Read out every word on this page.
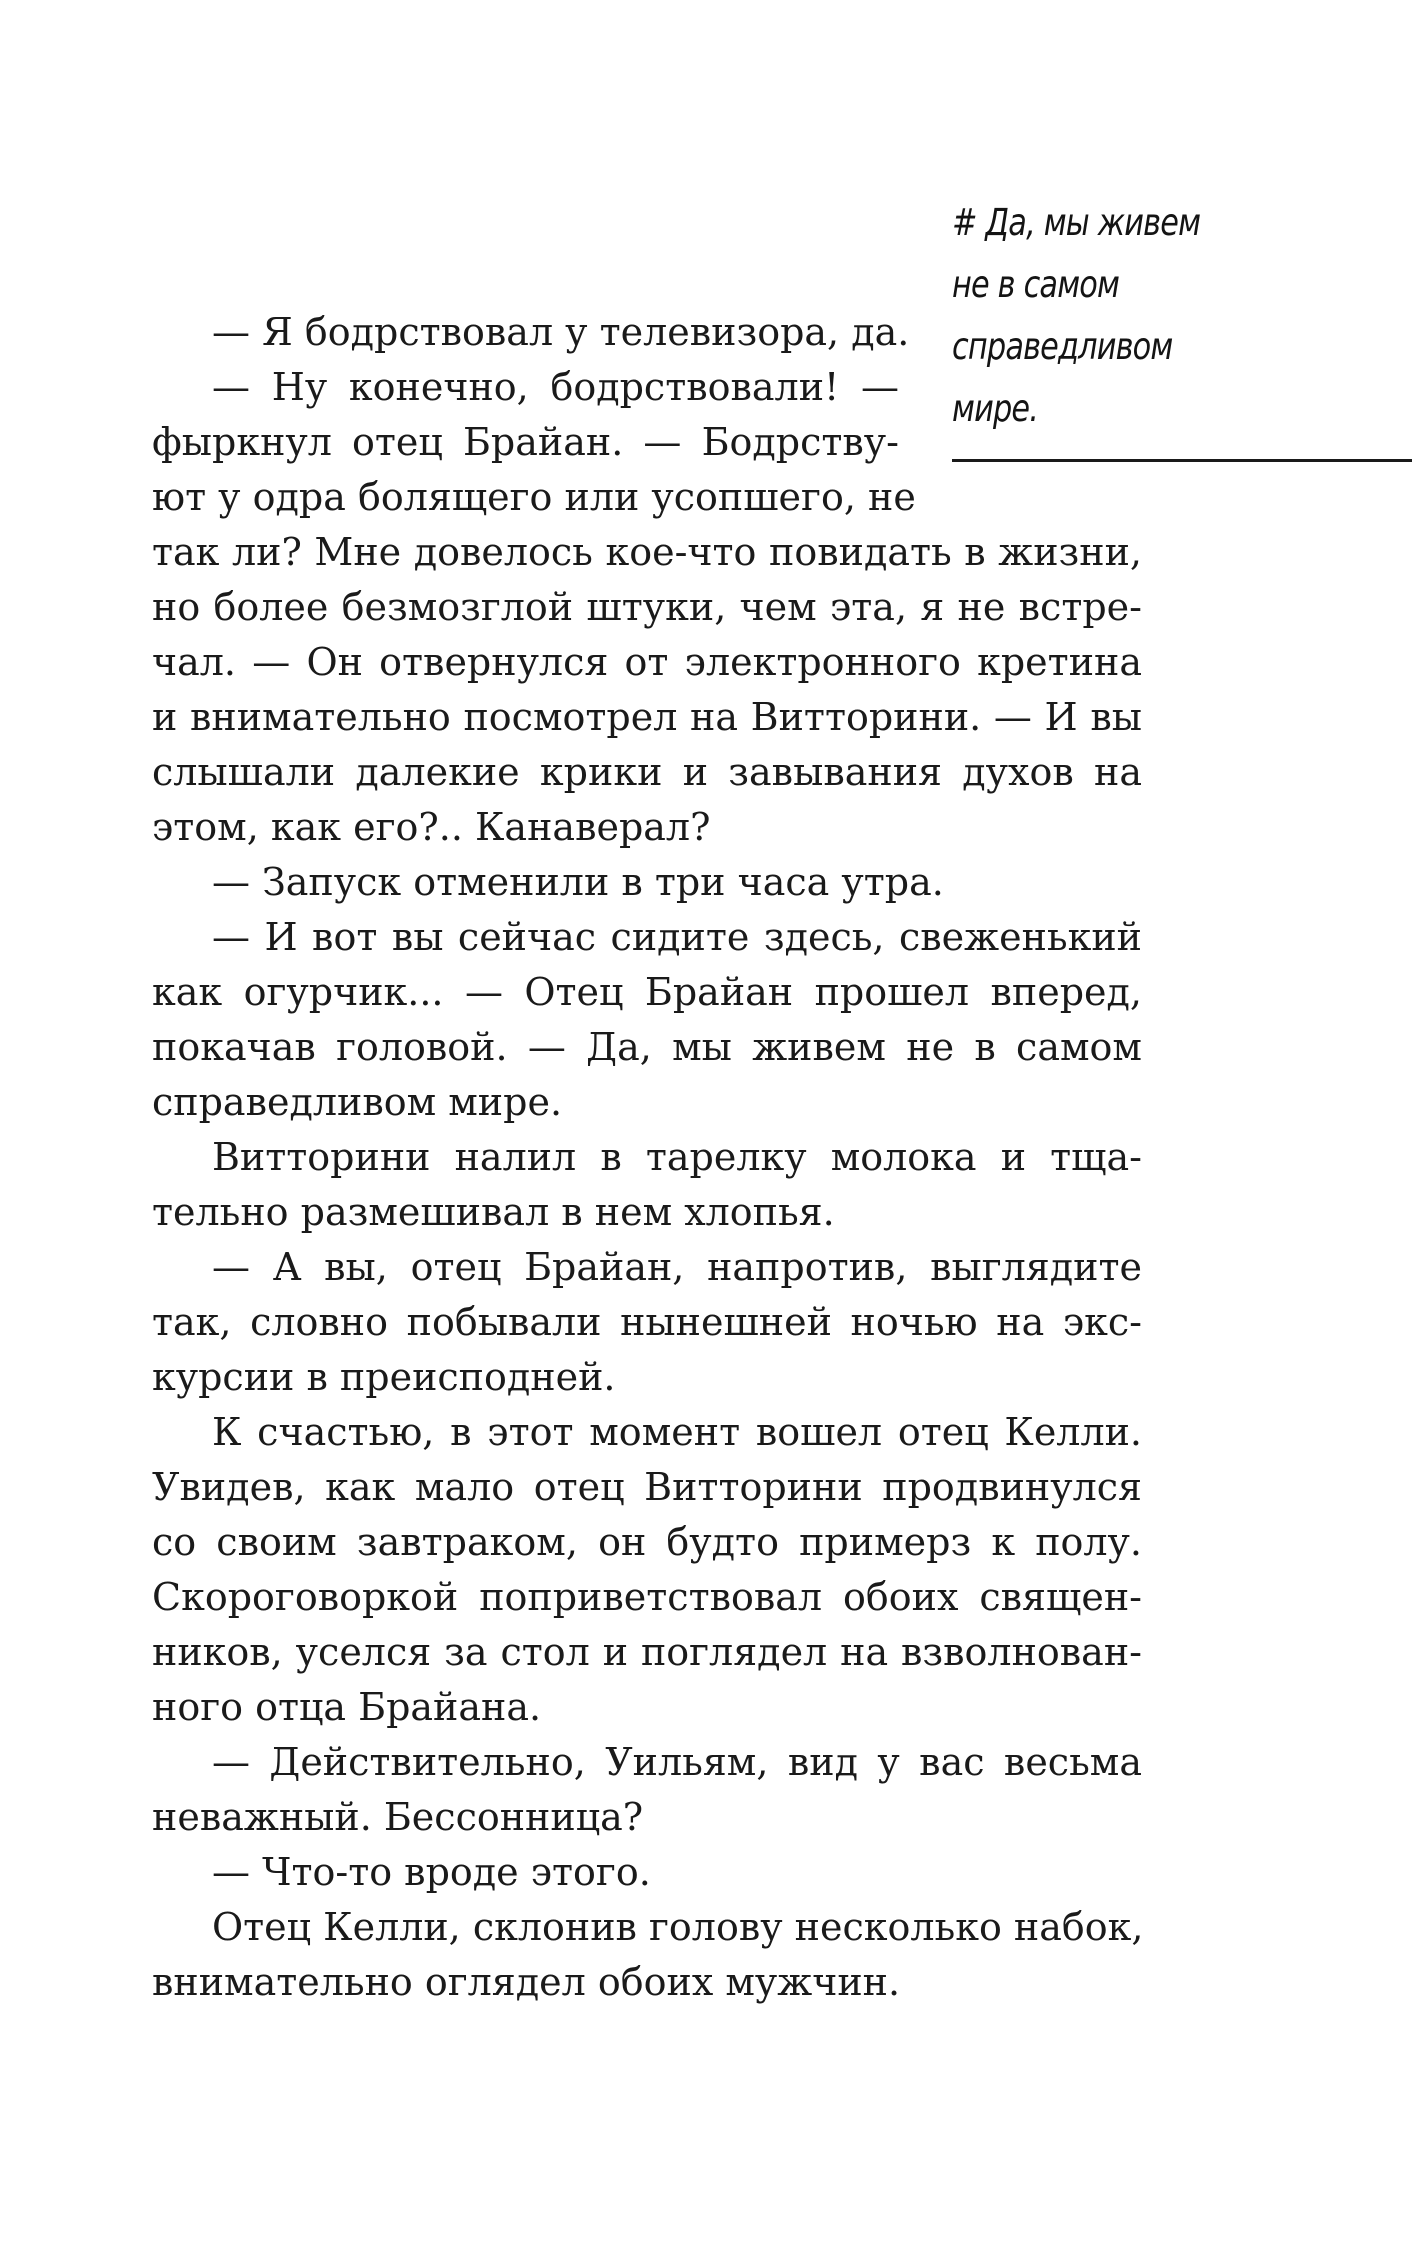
# Да, мы живем
не в самом
справедливом
мире.
— Я бодрствовал у телевизора, да.
— Ну конечно, бодрствовали! —
фыркнул отец Брайан. — Бодрству-
ют у одра болящего или усопшего, не
так ли? Мне довелось кое-что повидать в жизни,
но более безмозглой штуки, чем эта, я не встре-
чал. — Он отвернулся от электронного кретина
и внимательно посмотрел на Витторини. — И вы
слышали далекие крики и завывания духов на
этом, как его?.. Канаверал?
— Запуск отменили в три часа утра.
— И вот вы сейчас сидите здесь, свеженький
как огурчик... — Отец Брайан прошел вперед,
покачав головой. — Да, мы живем не в самом
справедливом мире.
Витторини налил в тарелку молока и тща-
тельно размешивал в нем хлопья.
— А вы, отец Брайан, напротив, выглядите
так, словно побывали нынешней ночью на экс-
курсии в преисподней.
К счастью, в этот момент вошел отец Келли.
Увидев, как мало отец Витторини продвинулся
со своим завтраком, он будто примерз к полу.
Скороговоркой поприветствовал обоих священ-
ников, уселся за стол и поглядел на взволнован-
ного отца Брайана.
— Действительно, Уильям, вид у вас весьма
неважный. Бессонница?
— Что-то вроде этого.
Отец Келли, склонив голову несколько набок,
внимательно оглядел обоих мужчин.
